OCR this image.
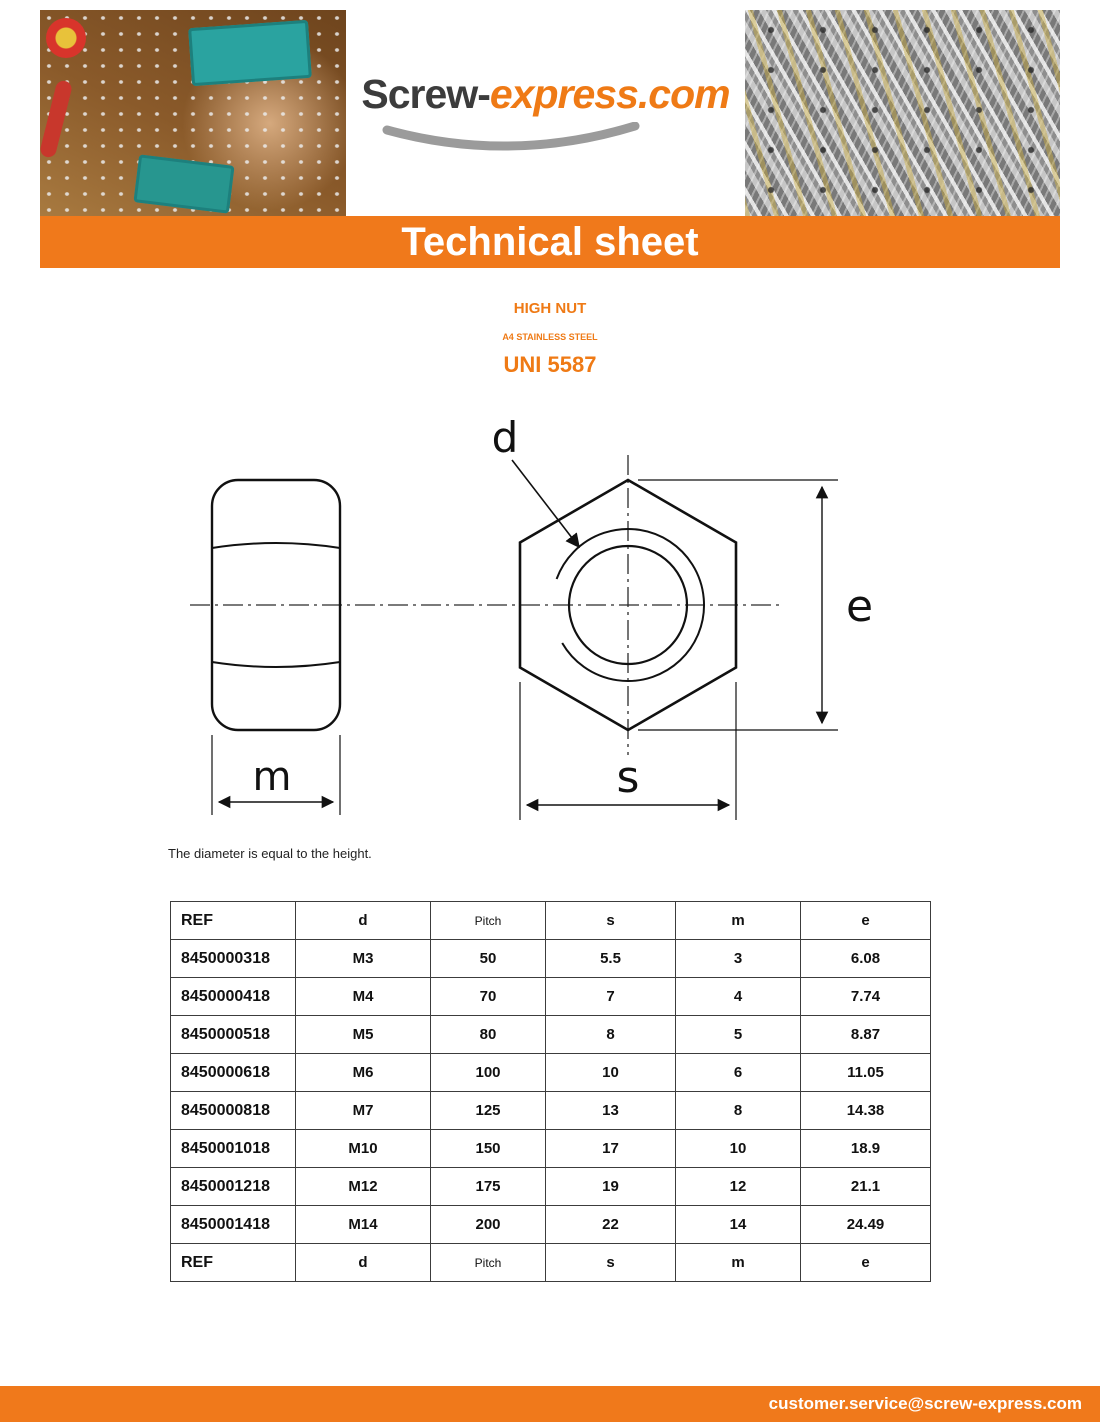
Screw-express.com
Technical sheet
HIGH NUT
A4 STAINLESS STEEL
UNI 5587
m
d
s
e
The diameter is equal to the height.
REF	d	Pitch	s	m	e
8450000318	M3	50	5.5	3	6.08
8450000418	M4	70	7	4	7.74
8450000518	M5	80	8	5	8.87
8450000618	M6	100	10	6	11.05
8450000818	M7	125	13	8	14.38
8450001018	M10	150	17	10	18.9
8450001218	M12	175	19	12	21.1
8450001418	M14	200	22	14	24.49
REF	d	Pitch	s	m	e
customer.service@screw-express.com
